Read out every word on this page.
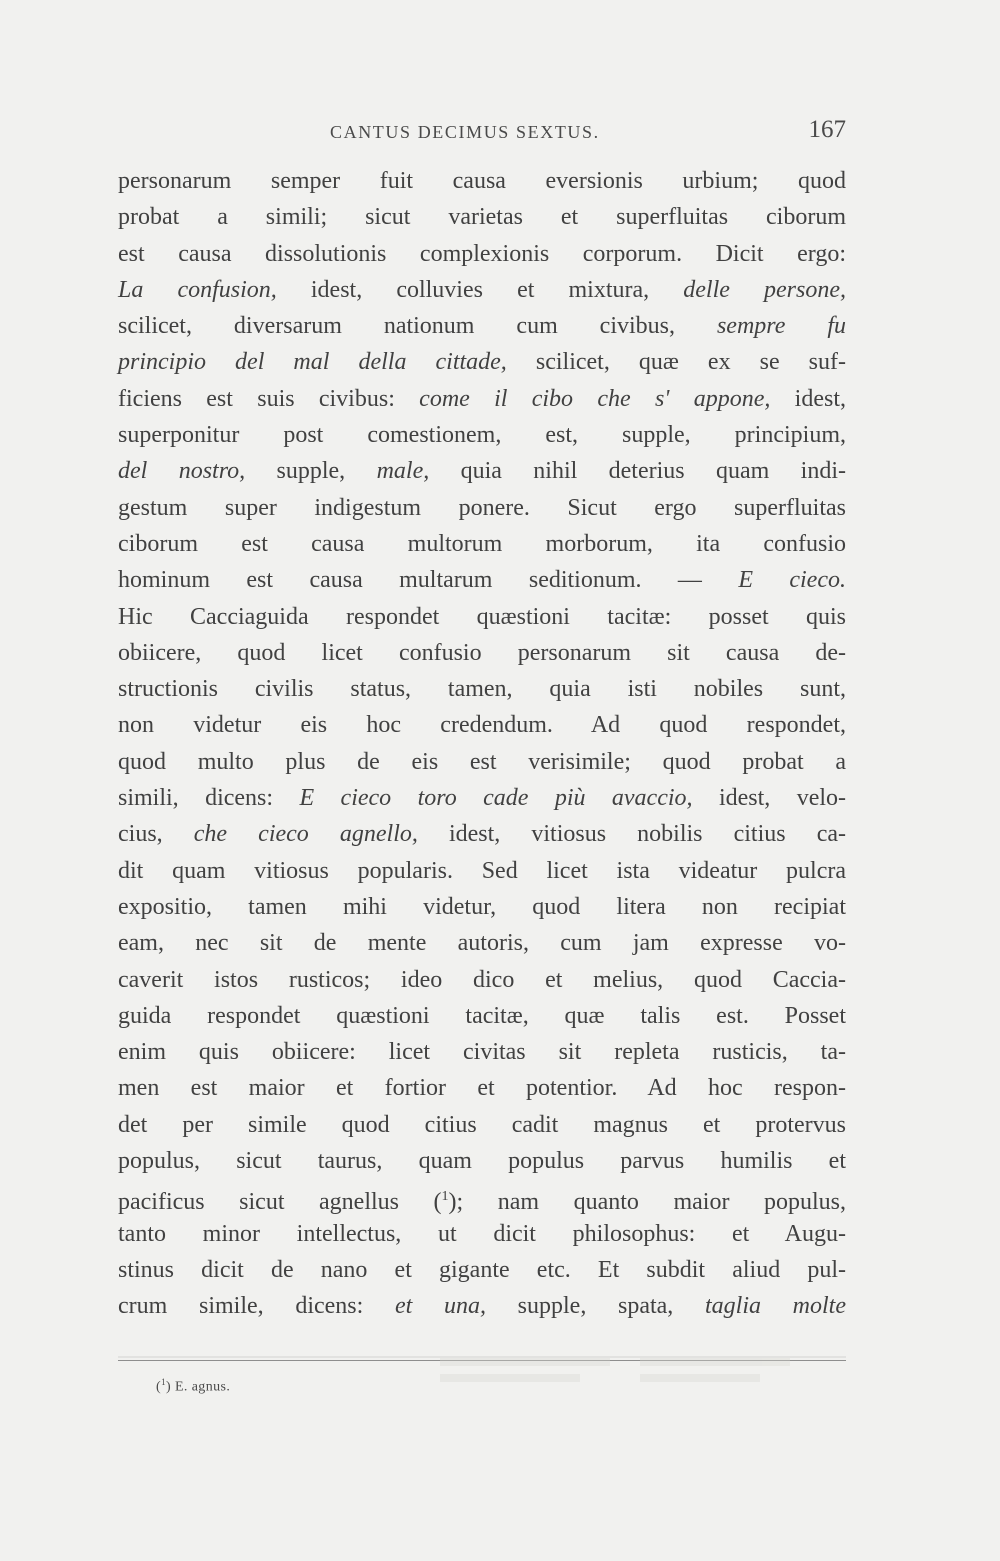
CANTUS DECIMUS SEXTUS.	167
personarum semper fuit causa eversionis urbium; quod
probat a simili; sicut varietas et superfluitas ciborum
est causa dissolutionis complexionis corporum. Dicit ergo:
La confusion, idest, colluvies et mixtura, delle persone,
scilicet, diversarum nationum cum civibus, sempre fu
principio del mal della cittade, scilicet, quæ ex se suf-
ficiens est suis civibus: come il cibo che s' appone, idest,
superponitur post comestionem, est, supple, principium,
del nostro, supple, male, quia nihil deterius quam indi-
gestum super indigestum ponere. Sicut ergo superfluitas
ciborum est causa multorum morborum, ita confusio
hominum est causa multarum seditionum. — E cieco.
Hic Cacciaguida respondet quæstioni tacitæ: posset quis
obiicere, quod licet confusio personarum sit causa de-
structionis civilis status, tamen, quia isti nobiles sunt,
non videtur eis hoc credendum. Ad quod respondet,
quod multo plus de eis est verisimile; quod probat a
simili, dicens: E cieco toro cade più avaccio, idest, velo-
cius, che cieco agnello, idest, vitiosus nobilis citius ca-
dit quam vitiosus popularis. Sed licet ista videatur pulcra
expositio, tamen mihi videtur, quod litera non recipiat
eam, nec sit de mente autoris, cum jam expresse vo-
caverit istos rusticos; ideo dico et melius, quod Caccia-
guida respondet quæstioni tacitæ, quæ talis est. Posset
enim quis obiicere: licet civitas sit repleta rusticis, ta-
men est maior et fortior et potentior. Ad hoc respon-
det per simile quod citius cadit magnus et protervus
populus, sicut taurus, quam populus parvus humilis et
pacificus sicut agnellus ($^1$); nam quanto maior populus,
tanto minor intellectus, ut dicit philosophus: et Augu-
stinus dicit de nano et gigante etc. Et subdit aliud pul-
crum simile, dicens: et una, supple, spata, taglia molte
($^1$) E. agnus.
